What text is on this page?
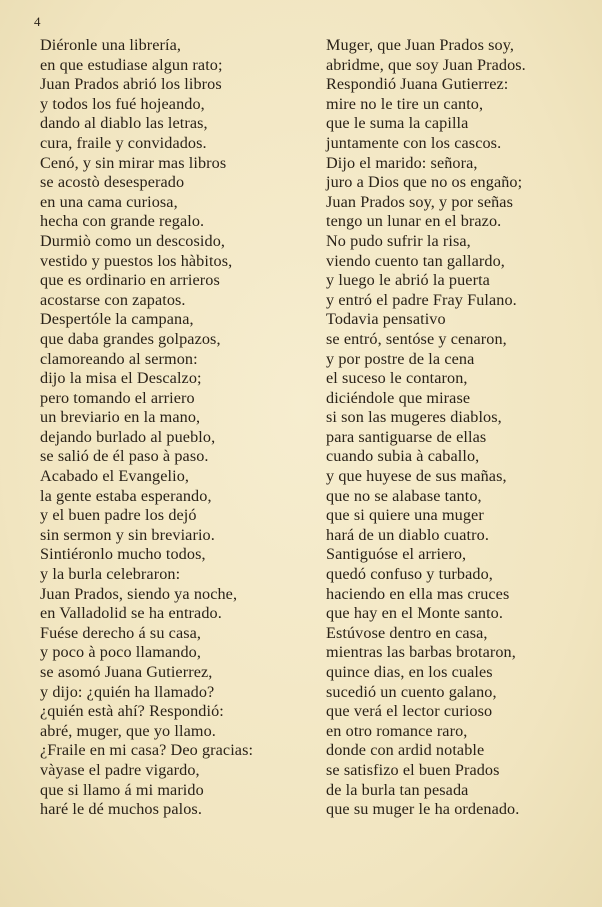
4
Diéronle una librería,
en que estudiase algun rato;
Juan Prados abrió los libros
y todos los fué hojeando,
dando al diablo las letras,
cura, fraile y convidados.
Cenó, y sin mirar mas libros
se acostò desesperado
en una cama curiosa,
hecha con grande regalo.
Durmiò como un descosido,
vestido y puestos los hàbitos,
que es ordinario en arrieros
acostarse con zapatos.
Despertóle la campana,
que daba grandes golpazos,
clamoreando al sermon:
dijo la misa el Descalzo;
pero tomando el arriero
un breviario en la mano,
dejando burlado al pueblo,
se salió de él paso à paso.
Acabado el Evangelio,
la gente estaba esperando,
y el buen padre los dejó
sin sermon y sin breviario.
Sintiéronlo mucho todos,
y la burla celebraron:
Juan Prados, siendo ya noche,
en Valladolid se ha entrado.
Fuése derecho á su casa,
y poco à poco llamando,
se asomó Juana Gutierrez,
y dijo: ¿quién ha llamado?
¿quién està ahí? Respondió:
abré, muger, que yo llamo.
¿Fraile en mi casa? Deo gracias:
vàyase el padre vigardo,
que si llamo á mi marido
haré le dé muchos palos.
Muger, que Juan Prados soy,
abridme, que soy Juan Prados.
Respondió Juana Gutierrez:
mire no le tire un canto,
que le suma la capilla
juntamente con los cascos.
Dijo el marido: señora,
juro a Dios que no os engaño;
Juan Prados soy, y por señas
tengo un lunar en el brazo.
No pudo sufrir la risa,
viendo cuento tan gallardo,
y luego le abrió la puerta
y entró el padre Fray Fulano.
Todavia pensativo
se entró, sentóse y cenaron,
y por postre de la cena
el suceso le contaron,
diciéndole que mirase
si son las mugeres diablos,
para santiguarse de ellas
cuando subia à caballo,
y que huyese de sus mañas,
que no se alabase tanto,
que si quiere una muger
hará de un diablo cuatro.
Santiguóse el arriero,
quedó confuso y turbado,
haciendo en ella mas cruces
que hay en el Monte santo.
Estúvose dentro en casa,
mientras las barbas brotaron,
quince dias, en los cuales
sucedió un cuento galano,
que verá el lector curioso
en otro romance raro,
donde con ardid notable
se satisfizo el buen Prados
de la burla tan pesada
que su muger le ha ordenado.
